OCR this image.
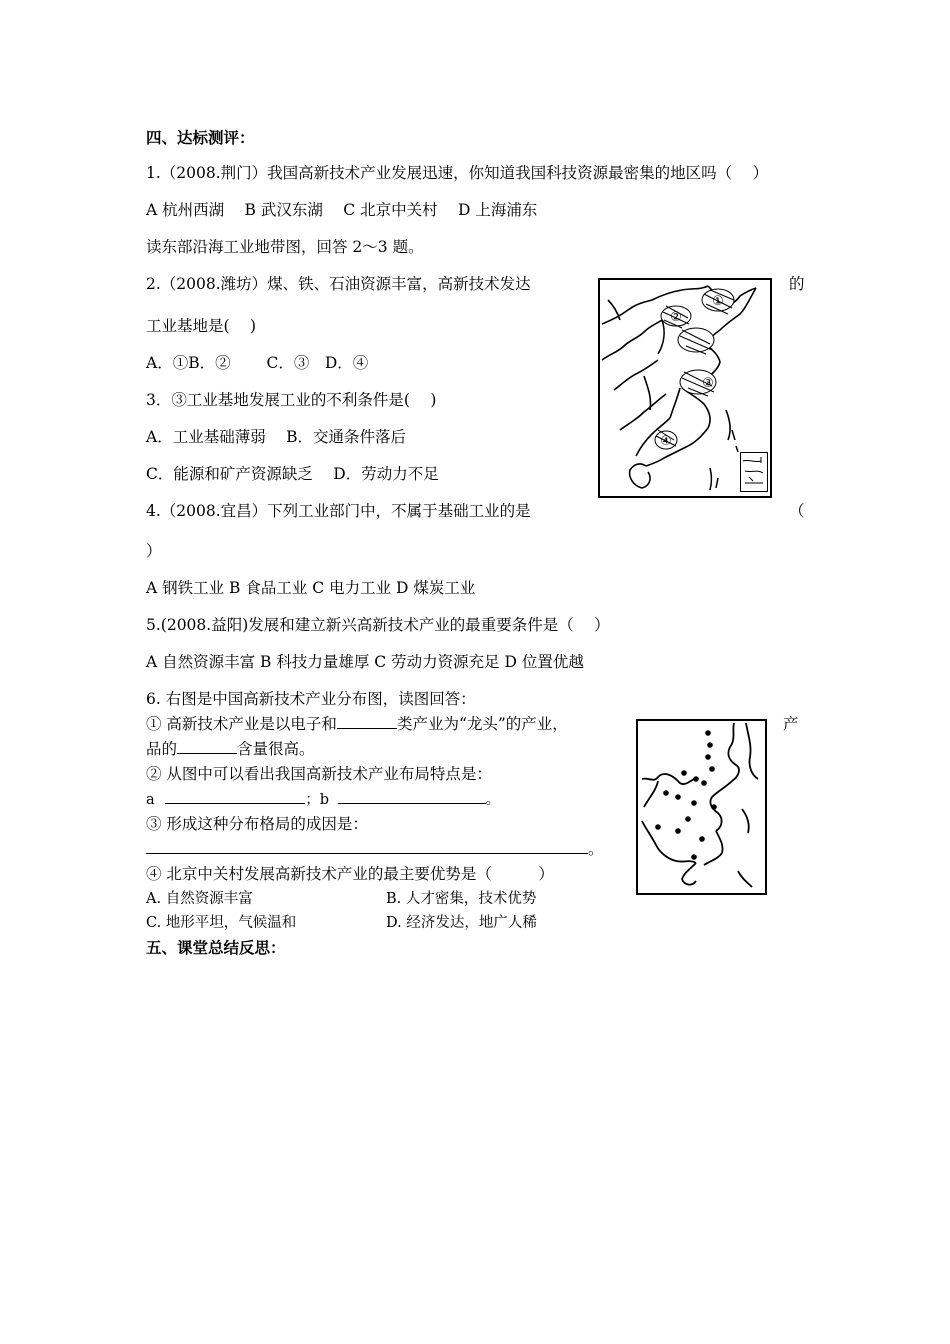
四、达标测评：
1.（2008.荆门）我国高新技术产业发展迅速，你知道我国科技资源最密集的地区吗（　 ）
A 杭州西湖　 B 武汉东湖　 C 北京中关村　 D 上海浦东
读东部沿海工业地带图，回答 2～3 题。
2.（2008.潍坊）煤、铁、石油资源丰富，高新技术发达	的
工业基地是(　 )
A．①B．②　　 C．③　D．④
3．③工业基地发展工业的不利条件是(　 )
A．工业基础薄弱　 B．交通条件落后
C．能源和矿产资源缺乏　 D．劳动力不足
①
②
③
④
4.（2008.宜昌）下列工业部门中，不属于基础工业的是	（
）
A 钢铁工业 B 食品工业 C 电力工业 D 煤炭工业
5.(2008.益阳)发展和建立新兴高新技术产业的最重要条件是（　 ）
A 自然资源丰富 B 科技力量雄厚 C 劳动力资源充足 D 位置优越
6. 右图是中国高新技术产业分布图，读图回答：
① 高新技术产业是以电子和	类产业为“龙头”的产业，	产
品的	含量很高。
② 从图中可以看出我国高新技术产业布局特点是：
a	；b	。
③ 形成这种分布格局的成因是：
。
④ 北京中关村发展高新技术产业的最主要优势是（　　　）
A. 自然资源丰富	B. 人才密集，技术优势
C. 地形平坦，气候温和	D. 经济发达，地广人稀
五、课堂总结反思：
